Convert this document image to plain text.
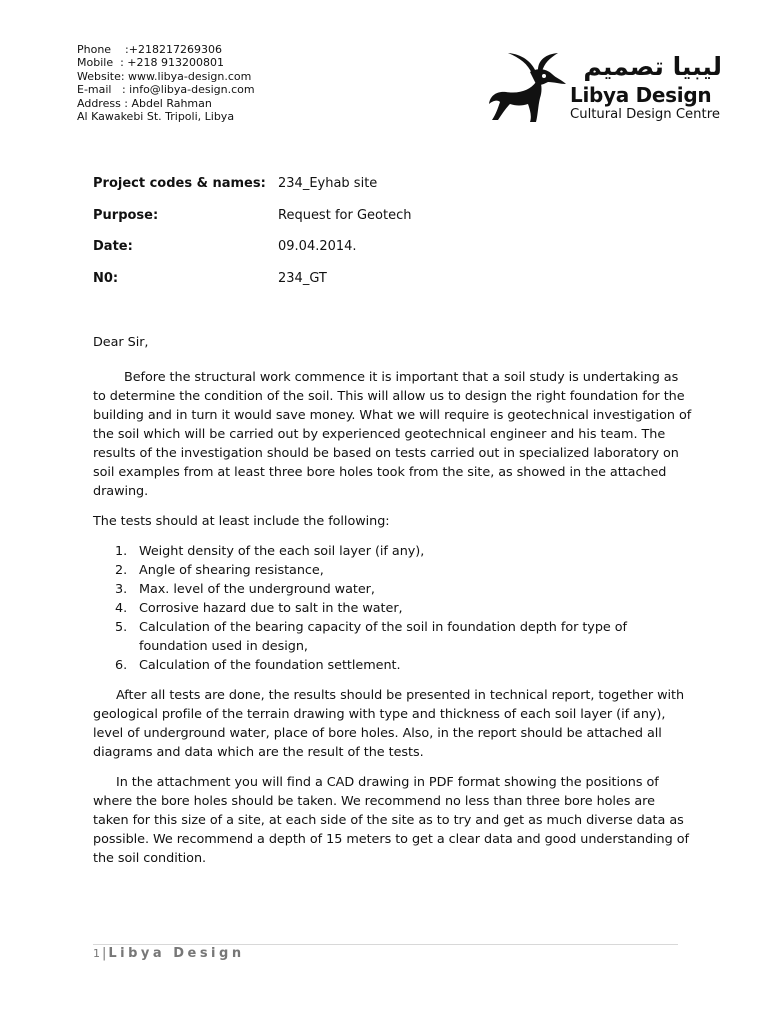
Phone    :+218217269306
Mobile  : +218 913200801
Website: www.libya-design.com
E-mail   : info@libya-design.com
Address : Abdel Rahman
Al Kawakebi St. Tripoli, Libya
ليبيا تصميم
Libya Design
Cultural Design Centre
Project codes & names: 234_Eyhab site
Purpose:	Request for Geotech
Date:	09.04.2014.
N0:	234_GT

Dear Sir,

Before the structural work commence it is important that a soil study is undertaking as to determine the condition of the soil. This will allow us to design the right foundation for the building and in turn it would save money. What we will require is geotechnical investigation of the soil which will be carried out by experienced geotechnical engineer and his team. The results of the investigation should be based on tests carried out in specialized laboratory on soil examples from at least three bore holes took from the site, as showed in the attached drawing.

The tests should at least include the following:

1. Weight density of the each soil layer (if any),
2. Angle of shearing resistance,
3. Max. level of the underground water,
4. Corrosive hazard due to salt in the water,
5. Calculation of the bearing capacity of the soil in foundation depth for type of foundation used in design,
6. Calculation of the foundation settlement.

After all tests are done, the results should be presented in technical report, together with geological profile of the terrain drawing with type and thickness of each soil layer (if any), level of underground water, place of bore holes. Also, in the report should be attached all diagrams and data which are the result of the tests.

In the attachment you will find a CAD drawing in PDF format showing the positions of where the bore holes should be taken. We recommend no less than three bore holes are taken for this size of a site, at each side of the site as to try and get as much diverse data as possible. We recommend a depth of 15 meters to get a clear data and good understanding of the soil condition.

1 | Libya Design
